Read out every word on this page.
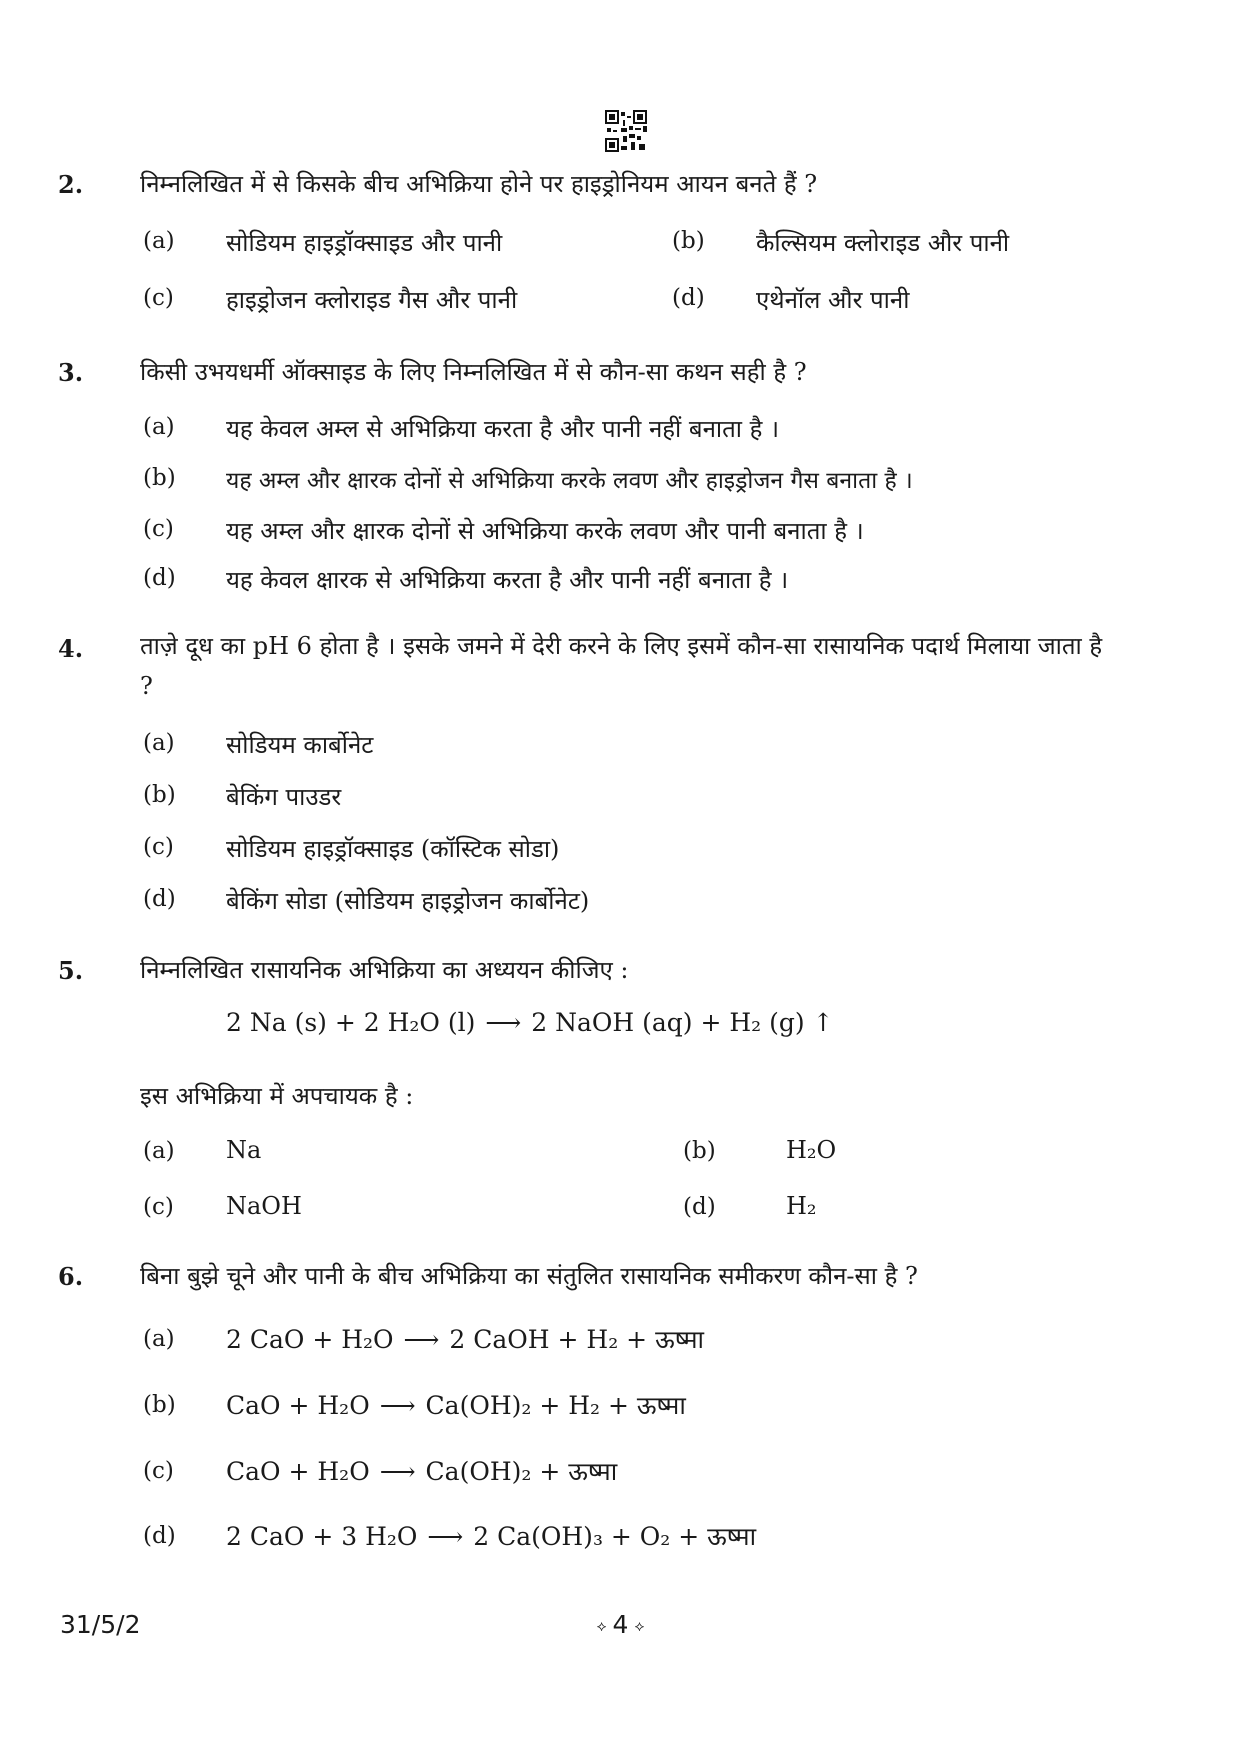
2. निम्नलिखित में से किसके बीच अभिक्रिया होने पर हाइड्रोनियम आयन बनते हैं ?
(a) सोडियम हाइड्रॉक्साइड और पानी	(b) कैल्सियम क्लोराइड और पानी
(c) हाइड्रोजन क्लोराइड गैस और पानी	(d) एथेनॉल और पानी
3. किसी उभयधर्मी ऑक्साइड के लिए निम्नलिखित में से कौन-सा कथन सही है ?
(a) यह केवल अम्ल से अभिक्रिया करता है और पानी नहीं बनाता है ।
(b) यह अम्ल और क्षारक दोनों से अभिक्रिया करके लवण और हाइड्रोजन गैस बनाता है ।
(c) यह अम्ल और क्षारक दोनों से अभिक्रिया करके लवण और पानी बनाता है ।
(d) यह केवल क्षारक से अभिक्रिया करता है और पानी नहीं बनाता है ।
4. ताज़े दूध का pH 6 होता है । इसके जमने में देरी करने के लिए इसमें कौन-सा रासायनिक पदार्थ मिलाया जाता है ?
(a) सोडियम कार्बोनेट
(b) बेकिंग पाउडर
(c) सोडियम हाइड्रॉक्साइड (कॉस्टिक सोडा)
(d) बेकिंग सोडा (सोडियम हाइड्रोजन कार्बोनेट)
5. निम्नलिखित रासायनिक अभिक्रिया का अध्ययन कीजिए :
2 Na (s) + 2 H₂O (l) ⟶ 2 NaOH (aq) + H₂ (g) ↑
इस अभिक्रिया में अपचायक है :
(a) Na	(b)	H₂O
(c) NaOH	(d)	H₂
6. बिना बुझे चूने और पानी के बीच अभिक्रिया का संतुलित रासायनिक समीकरण कौन-सा है ?
(a) 2 CaO + H₂O ⟶ 2 CaOH + H₂ + ऊष्मा
(b) CaO + H₂O ⟶ Ca(OH)₂ + H₂ + ऊष्मा
(c) CaO + H₂O ⟶ Ca(OH)₂ + ऊष्मा
(d) 2 CaO + 3 H₂O ⟶ 2 Ca(OH)₃ + O₂ + ऊष्मा
31/5/2	⟡ 4 ⟡
